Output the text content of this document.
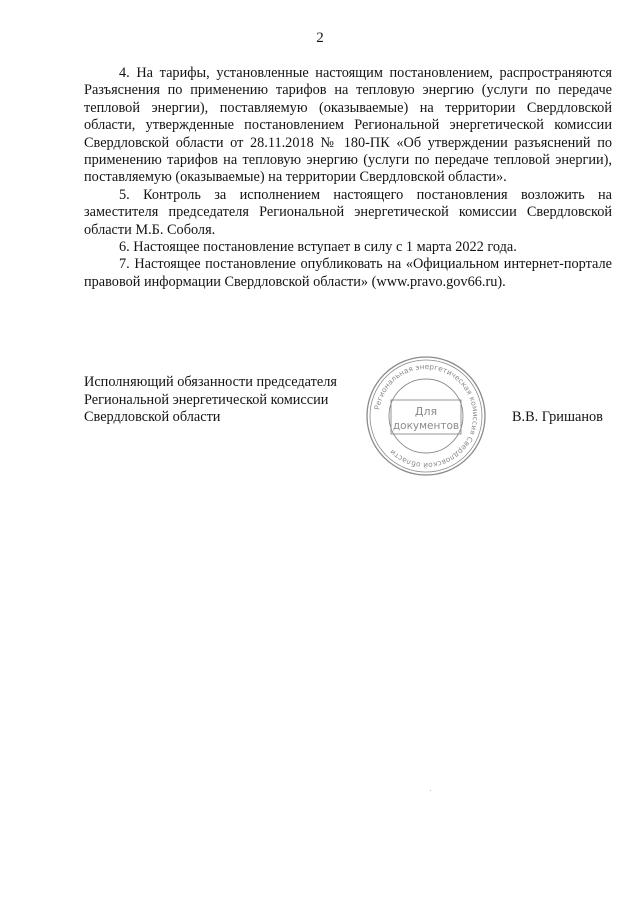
2

4. На тарифы, установленные настоящим постановлением, распространяются Разъяснения по применению тарифов на тепловую энергию (услуги по передаче тепловой энергии), поставляемую (оказываемые) на территории Свердловской области, утвержденные постановлением Региональной энергетической комиссии Свердловской области от 28.11.2018 № 180-ПК «Об утверждении разъяснений по применению тарифов на тепловую энергию (услуги по передаче тепловой энергии), поставляемую (оказываемые) на территории Свердловской области».

5. Контроль за исполнением настоящего постановления возложить на заместителя председателя Региональной энергетической комиссии Свердловской области М.Б. Соболя.

6. Настоящее постановление вступает в силу с 1 марта 2022 года.

7. Настоящее постановление опубликовать на «Официальном интернет-портале правовой информации Свердловской области» (www.pravo.gov66.ru).

Исполняющий обязанности председателя
Региональной энергетической комиссии
Свердловской области
Региональная энергетическая комиссия Свердловской области
Для
документов
В.В. Гришанов
